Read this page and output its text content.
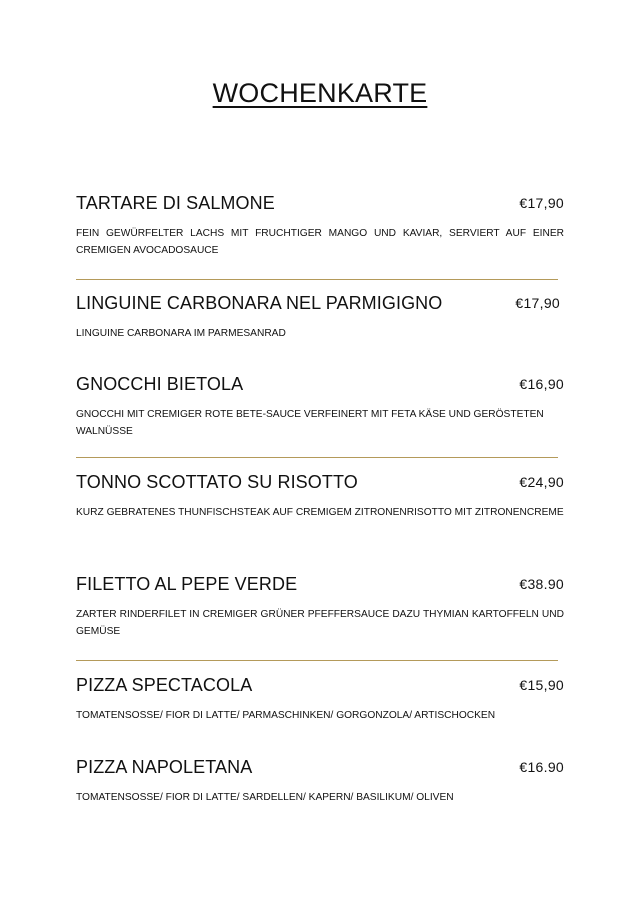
WOCHENKARTE
TARTARE DI SALMONE	€17,90
FEIN GEWÜRFELTER LACHS MIT FRUCHTIGER MANGO UND KAVIAR, SERVIERT AUF EINER CREMIGEN AVOCADOSAUCE
LINGUINE CARBONARA NEL PARMIGIGNO	€17,90
LINGUINE CARBONARA IM PARMESANRAD
GNOCCHI BIETOLA	€16,90
GNOCCHI MIT CREMIGER ROTE BETE-SAUCE VERFEINERT MIT FETA KÄSE UND GERÖSTETEN WALNÜSSE
TONNO SCOTTATO SU RISOTTO	€24,90
KURZ GEBRATENES THUNFISCHSTEAK AUF CREMIGEM ZITRONENRISOTTO MIT ZITRONENCREME
FILETTO AL PEPE VERDE	€38.90
ZARTER RINDERFILET IN CREMIGER GRÜNER PFEFFERSAUCE DAZU THYMIAN KARTOFFELN UND GEMÜSE
PIZZA SPECTACOLA	€15,90
TOMATENSOSSE/ FIOR DI LATTE/ PARMASCHINKEN/ GORGONZOLA/ ARTISCHOCKEN
PIZZA NAPOLETANA	€16.90
TOMATENSOSSE/ FIOR DI LATTE/ SARDELLEN/ KAPERN/ BASILIKUM/ OLIVEN
